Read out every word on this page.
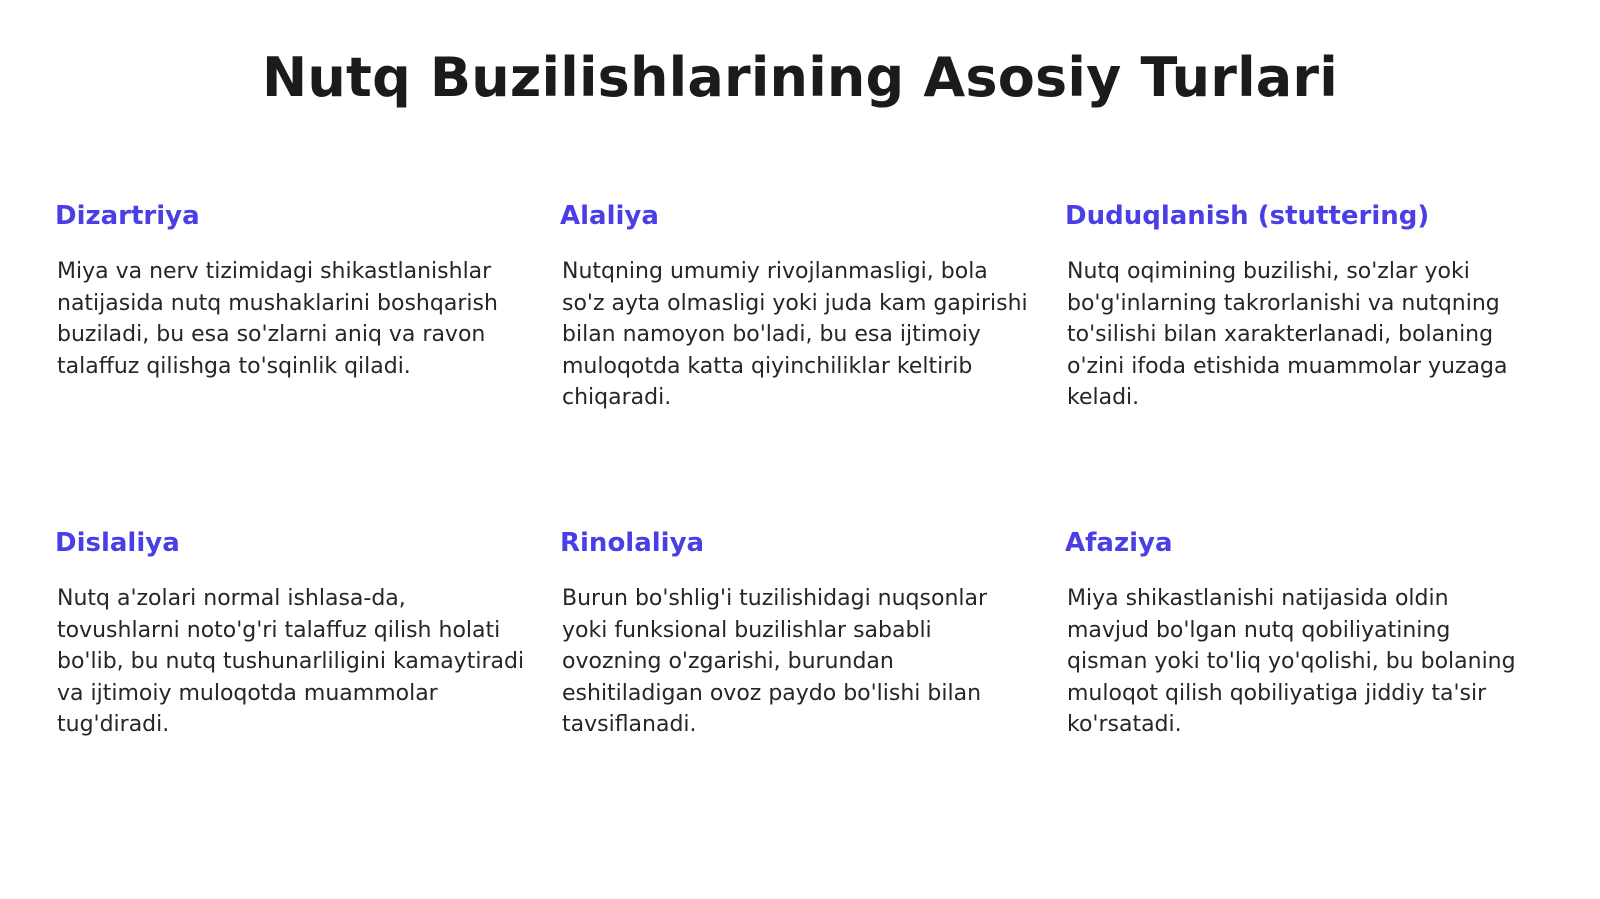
Nutq Buzilishlarining Asosiy Turlari
Dizartriya

Miya va nerv tizimidagi shikastlanishlar natijasida nutq mushaklarini boshqarish buziladi, bu esa so'zlarni aniq va ravon talaffuz qilishga to'sqinlik qiladi.

Alaliya

Nutqning umumiy rivojlanmasligi, bola so'z ayta olmasligi yoki juda kam gapirishi bilan namoyon bo'ladi, bu esa ijtimoiy muloqotda katta qiyinchiliklar keltirib chiqaradi.

Duduqlanish (stuttering)

Nutq oqimining buzilishi, so'zlar yoki bo'g'inlarning takrorlanishi va nutqning to'silishi bilan xarakterlanadi, bolaning o'zini ifoda etishida muammolar yuzaga keladi.

Dislaliya

Nutq a'zolari normal ishlasa-da, tovushlarni noto'g'ri talaffuz qilish holati bo'lib, bu nutq tushunarliligini kamaytiradi va ijtimoiy muloqotda muammolar tug'diradi.

Rinolaliya

Burun bo'shlig'i tuzilishidagi nuqsonlar yoki funksional buzilishlar sababli ovozning o'zgarishi, burundan eshitiladigan ovoz paydo bo'lishi bilan tavsiflanadi.

Afaziya

Miya shikastlanishi natijasida oldin mavjud bo'lgan nutq qobiliyatining qisman yoki to'liq yo'qolishi, bu bolaning muloqot qilish qobiliyatiga jiddiy ta'sir ko'rsatadi.
